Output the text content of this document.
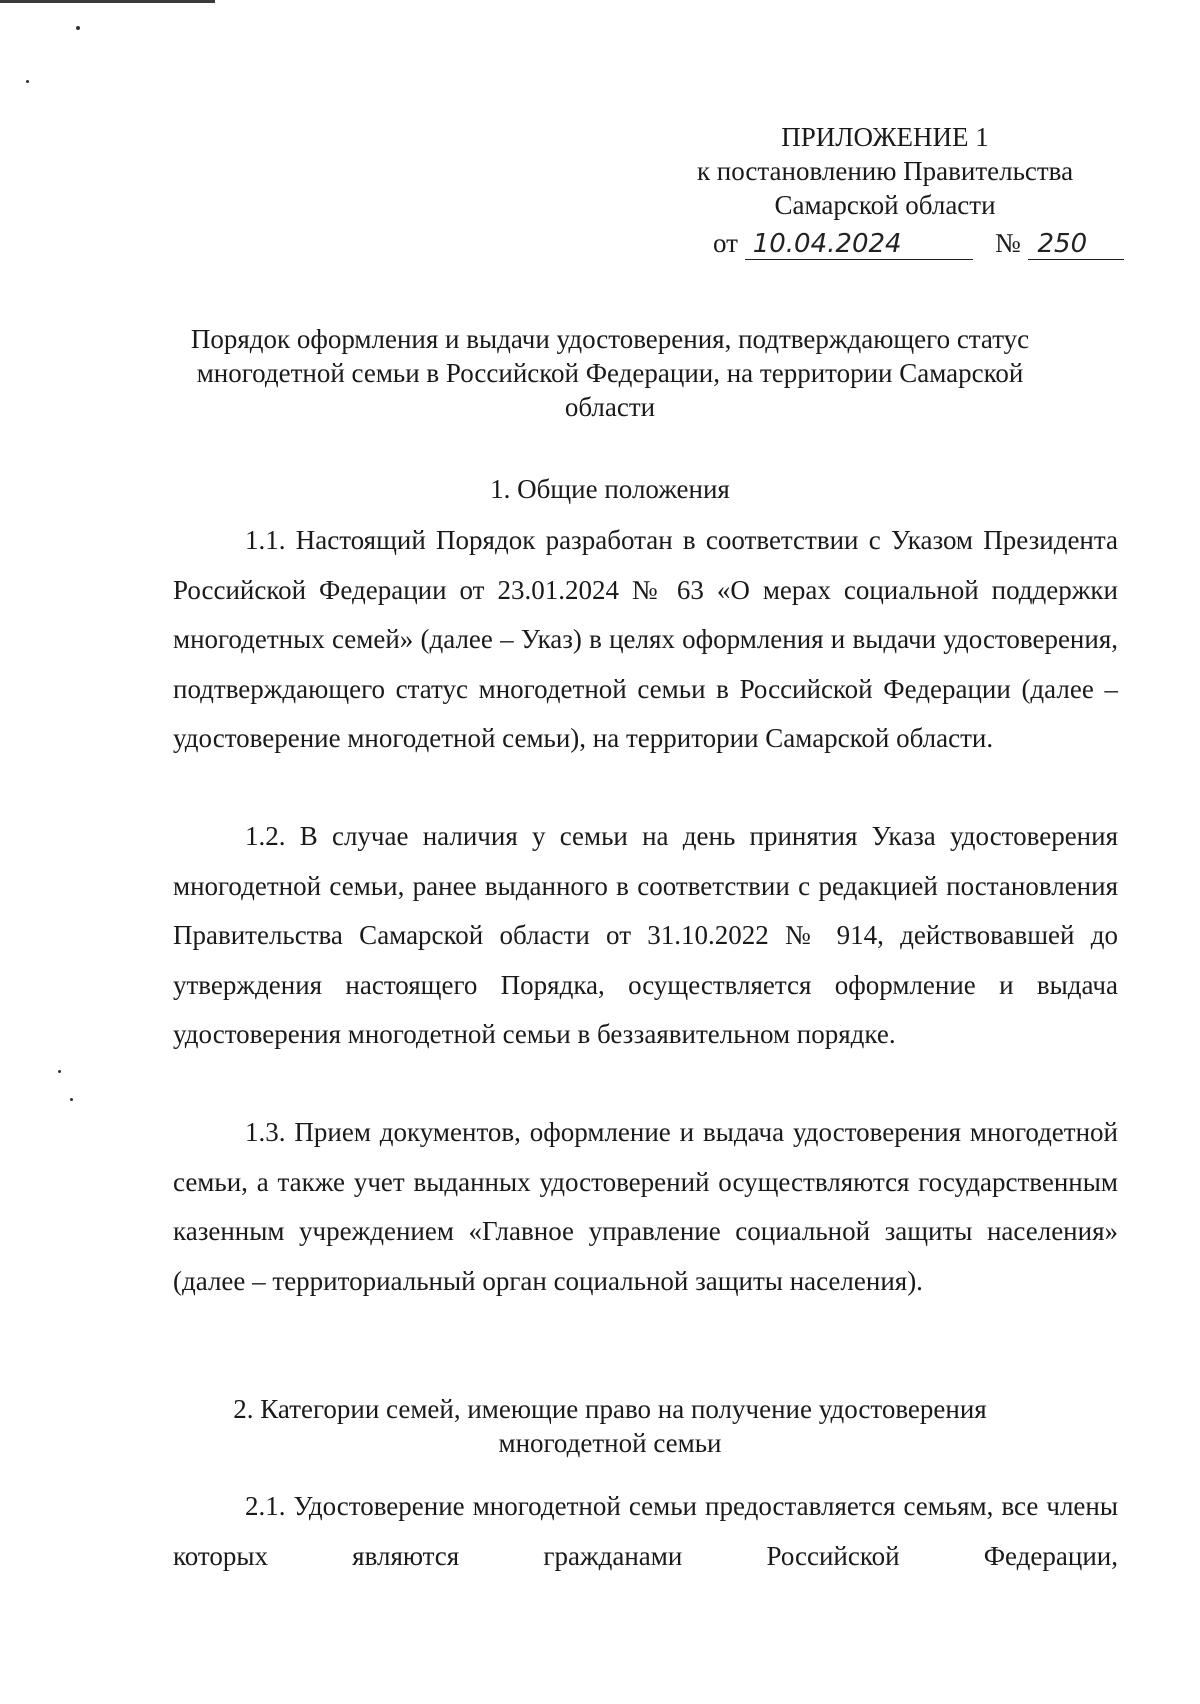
ПРИЛОЖЕНИЕ 1
к постановлению Правительства
Самарской области
от 10.04.2024	№ 250
Порядок оформления и выдачи удостоверения, подтверждающего статус многодетной семьи в Российской Федерации, на территории Самарской области
1. Общие положения

1.1. Настоящий Порядок разработан в соответствии с Указом Президента Российской Федерации от 23.01.2024 № 63 «О мерах социальной поддержки многодетных семей» (далее – Указ) в целях оформления и выдачи удостоверения, подтверждающего статус многодетной семьи в Российской Федерации (далее – удостоверение многодетной семьи), на территории Самарской области.

1.2. В случае наличия у семьи на день принятия Указа удостоверения многодетной семьи, ранее выданного в соответствии с редакцией постановления Правительства Самарской области от 31.10.2022 № 914, действовавшей до утверждения настоящего Порядка, осуществляется оформление и выдача удостоверения многодетной семьи в беззаявительном порядке.

1.3. Прием документов, оформление и выдача удостоверения многодетной семьи, а также учет выданных удостоверений осуществляются государственным казенным учреждением «Главное управление социальной защиты населения» (далее – территориальный орган социальной защиты населения).

2. Категории семей, имеющие право на получение удостоверения
многодетной семьи

2.1. Удостоверение многодетной семьи предоставляется семьям, все члены которых являются гражданами Российской Федерации,
